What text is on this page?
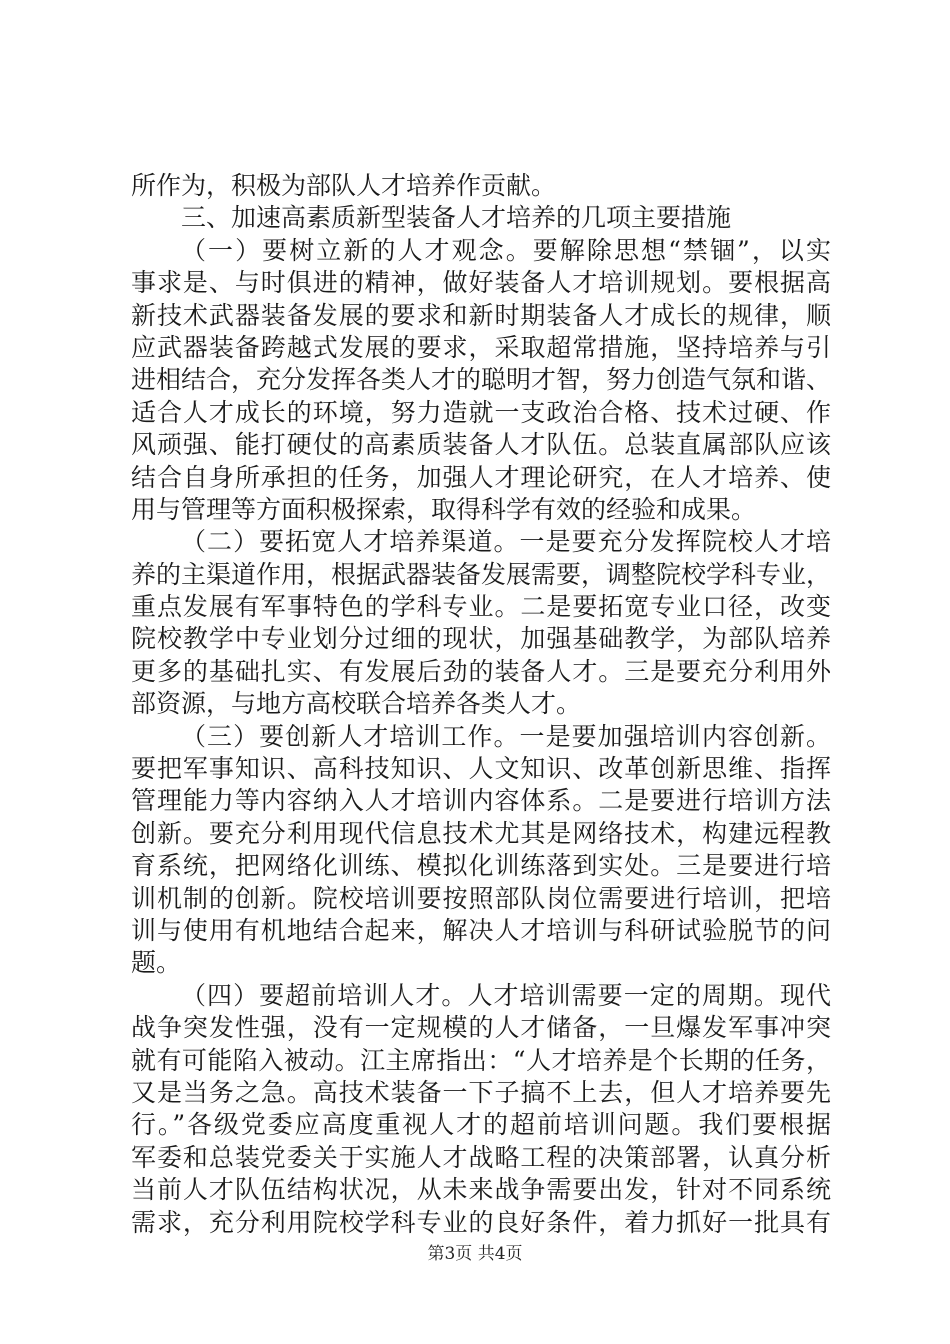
所作为，积极为部队人才培养作贡献。
三、加速高素质新型装备人才培养的几项主要措施
（一）要树立新的人才观念。要解除思想“禁锢”，以实
事求是、与时俱进的精神，做好装备人才培训规划。要根据高
新技术武器装备发展的要求和新时期装备人才成长的规律，顺
应武器装备跨越式发展的要求，采取超常措施，坚持培养与引
进相结合，充分发挥各类人才的聪明才智，努力创造气氛和谐、
适合人才成长的环境，努力造就一支政治合格、技术过硬、作
风顽强、能打硬仗的高素质装备人才队伍。总装直属部队应该
结合自身所承担的任务，加强人才理论研究，在人才培养、使
用与管理等方面积极探索，取得科学有效的经验和成果。
（二）要拓宽人才培养渠道。一是要充分发挥院校人才培
养的主渠道作用，根据武器装备发展需要，调整院校学科专业，
重点发展有军事特色的学科专业。二是要拓宽专业口径，改变
院校教学中专业划分过细的现状，加强基础教学，为部队培养
更多的基础扎实、有发展后劲的装备人才。三是要充分利用外
部资源，与地方高校联合培养各类人才。
（三）要创新人才培训工作。一是要加强培训内容创新。
要把军事知识、高科技知识、人文知识、改革创新思维、指挥
管理能力等内容纳入人才培训内容体系。二是要进行培训方法
创新。要充分利用现代信息技术尤其是网络技术，构建远程教
育系统，把网络化训练、模拟化训练落到实处。三是要进行培
训机制的创新。院校培训要按照部队岗位需要进行培训，把培
训与使用有机地结合起来，解决人才培训与科研试验脱节的问
题。
（四）要超前培训人才。人才培训需要一定的周期。现代
战争突发性强，没有一定规模的人才储备，一旦爆发军事冲突
就有可能陷入被动。江主席指出：“人才培养是个长期的任务，
又是当务之急。高技术装备一下子搞不上去，但人才培养要先
行。”各级党委应高度重视人才的超前培训问题。我们要根据
军委和总装党委关于实施人才战略工程的决策部署，认真分析
当前人才队伍结构状况，从未来战争需要出发，针对不同系统
需求，充分利用院校学科专业的良好条件，着力抓好一批具有
第3页 共4页
